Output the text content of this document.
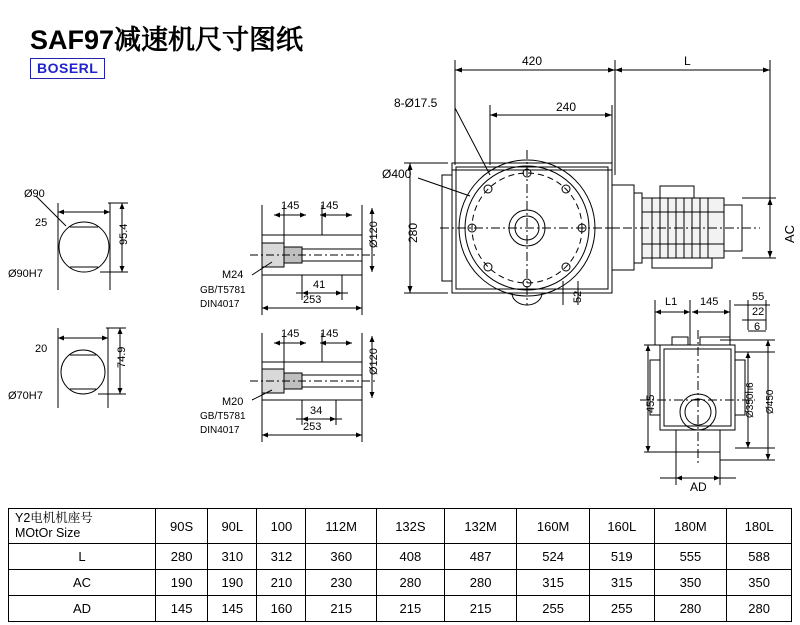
SAF97减速机尺寸图纸
BOSERL
Ø90
25
95.4
Ø90H7
20	74.9
Ø70H7
145 145
Ø120
M24
GB/T5781
DIN4017
41
253
145 145
Ø120
M20
GB/T5781
DIN4017
34
253
420	L
240
8-Ø17.5
Ø400
280
52
AC
L1 145	55
22
6
455	Ø350h6 Ø450
AD
Y2电机机座号
MOtOr Size	90S	90L	100	112M	132S	132M	160M	160L	180M	180L
L	280	310	312	360	408	487	524	519	555	588
AC	190	190	210	230	280	280	315	315	350	350
AD	145	145	160	215	215	215	255	255	280	280
